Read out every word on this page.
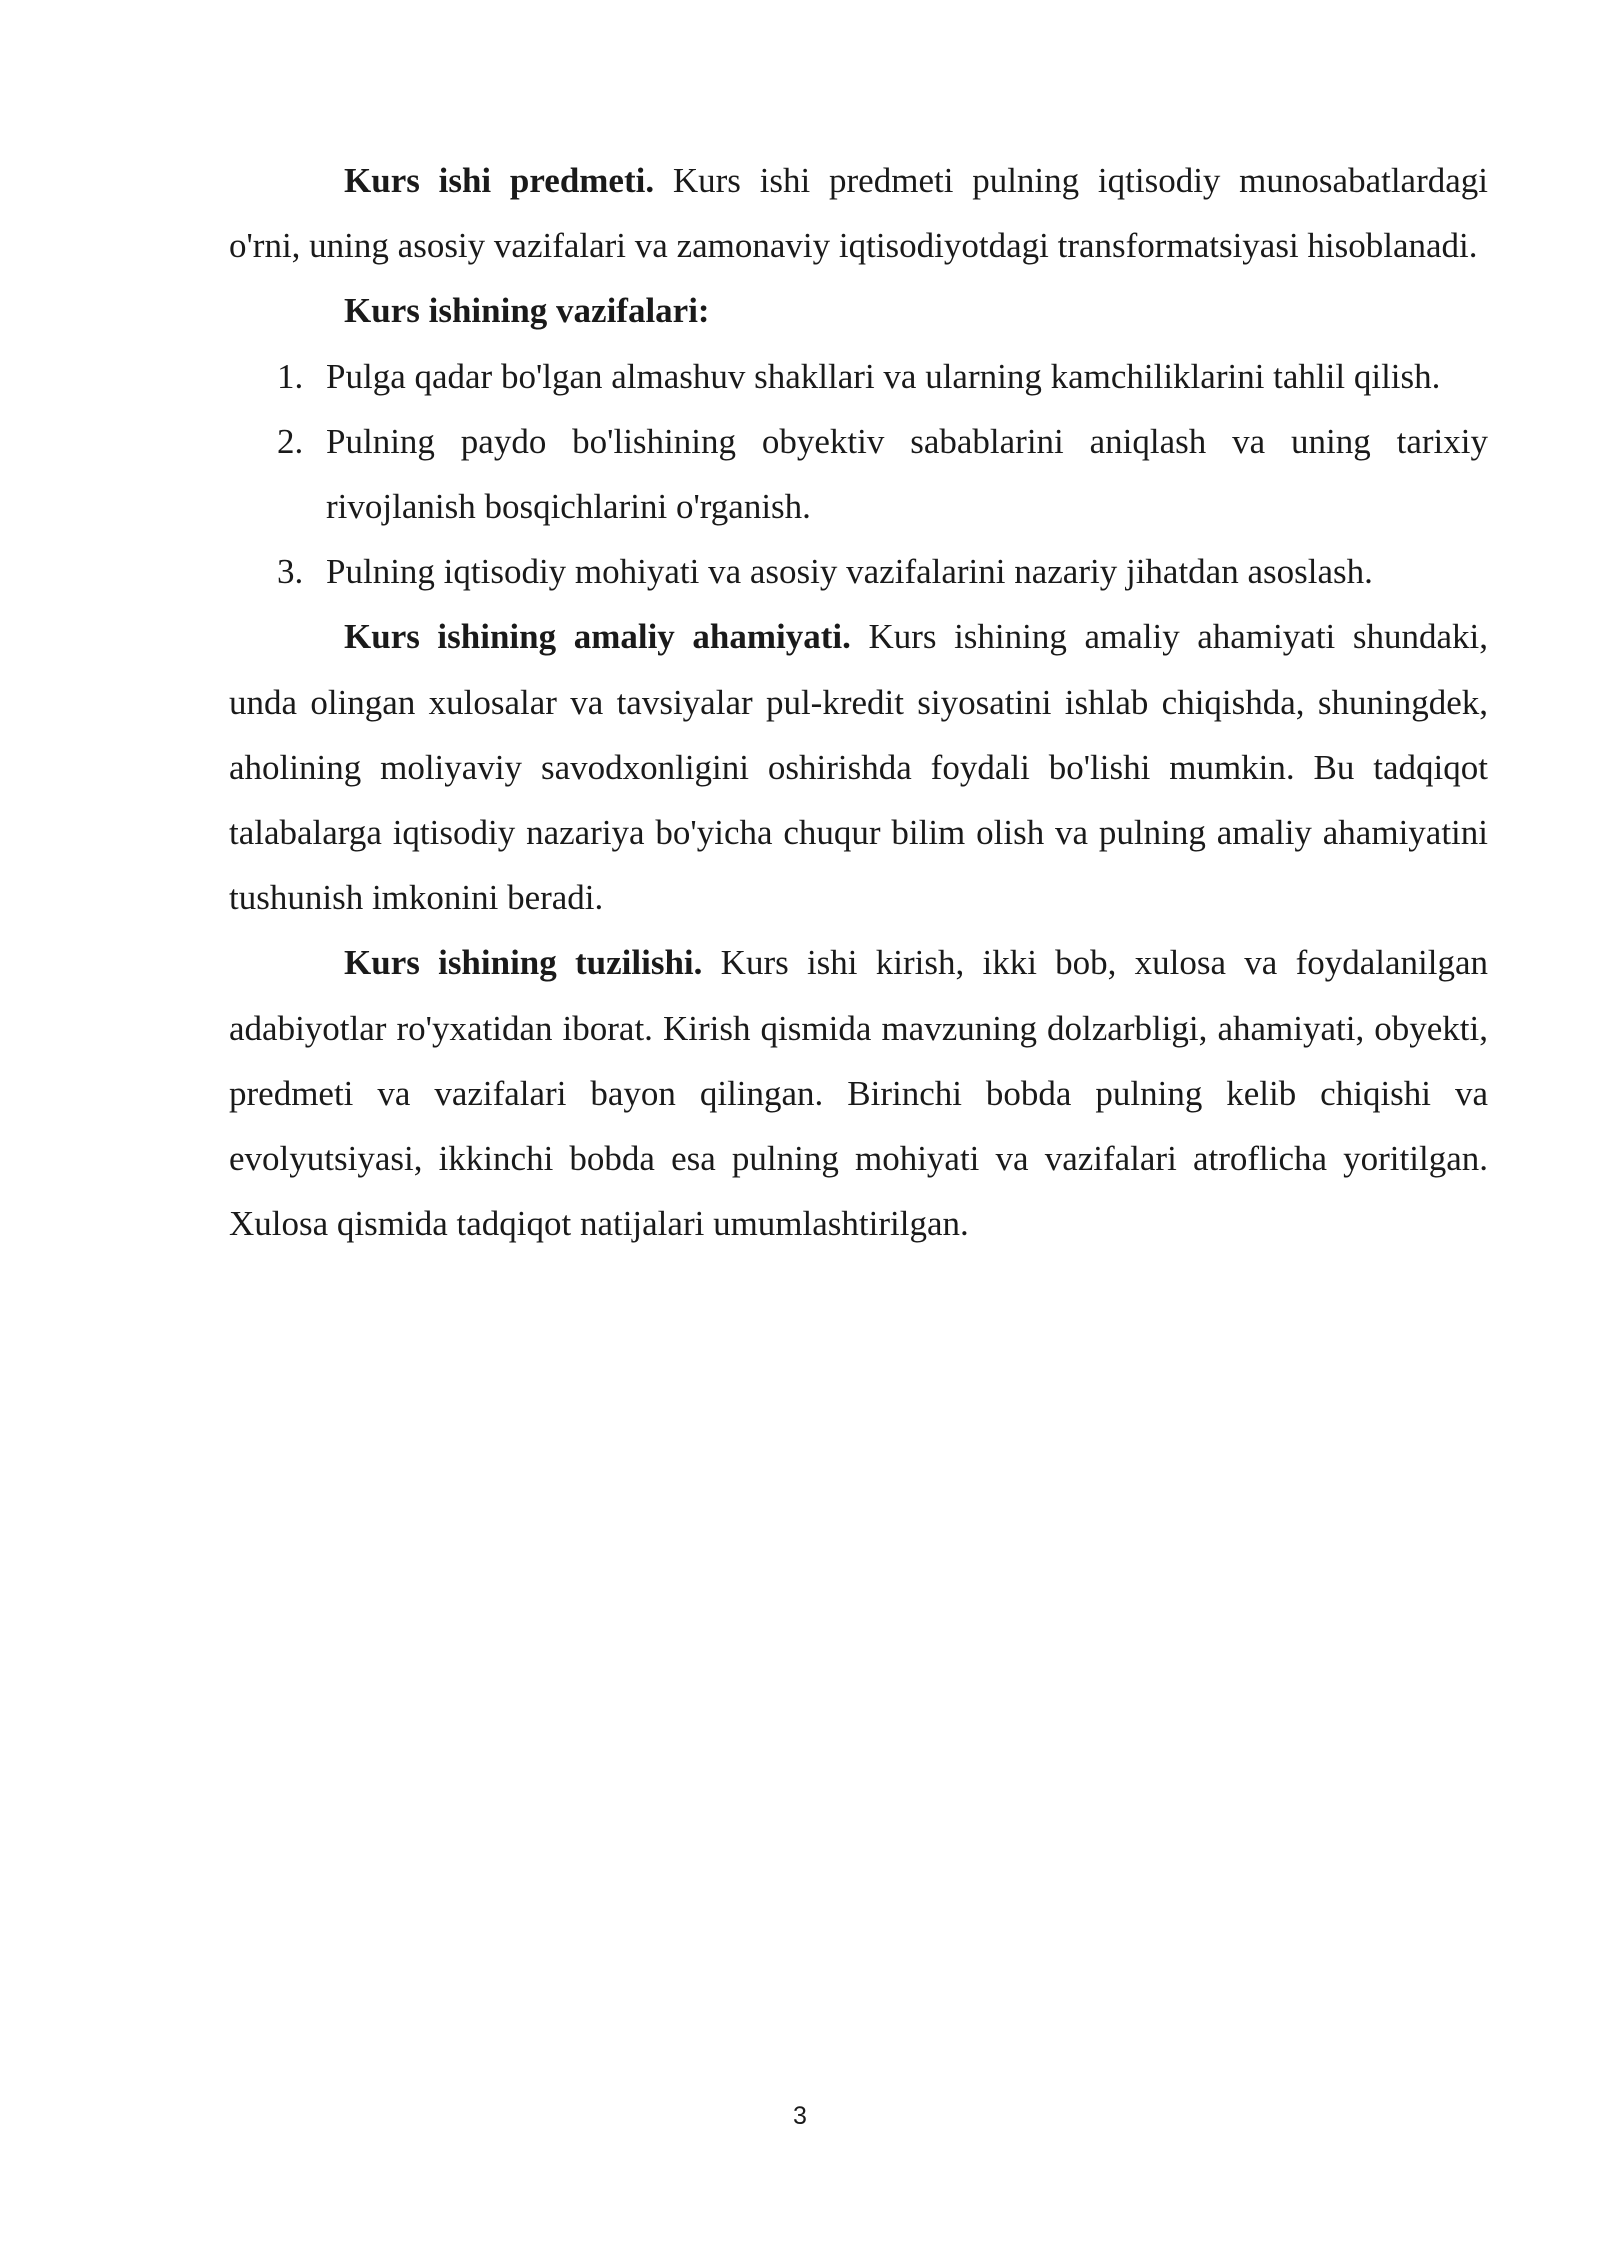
Kurs ishi predmeti. Kurs ishi predmeti pulning iqtisodiy munosabatlardagi o'rni, uning asosiy vazifalari va zamonaviy iqtisodiyotdagi transformatsiyasi hisoblanadi.

Kurs ishining vazifalari:

1. Pulga qadar bo'lgan almashuv shakllari va ularning kamchiliklarini tahlil qilish.
2. Pulning paydo bo'lishining obyektiv sabablarini aniqlash va uning tarixiy rivojlanish bosqichlarini o'rganish.
3. Pulning iqtisodiy mohiyati va asosiy vazifalarini nazariy jihatdan asoslash.

Kurs ishining amaliy ahamiyati. Kurs ishining amaliy ahamiyati shundaki, unda olingan xulosalar va tavsiyalar pul-kredit siyosatini ishlab chiqishda, shuningdek, aholining moliyaviy savodxonligini oshirishda foydali bo'lishi mumkin. Bu tadqiqot talabalarga iqtisodiy nazariya bo'yicha chuqur bilim olish va pulning amaliy ahamiyatini tushunish imkonini beradi.

Kurs ishining tuzilishi. Kurs ishi kirish, ikki bob, xulosa va foydalanilgan adabiyotlar ro'yxatidan iborat. Kirish qismida mavzuning dolzarbligi, ahamiyati, obyekti, predmeti va vazifalari bayon qilingan. Birinchi bobda pulning kelib chiqishi va evolyutsiyasi, ikkinchi bobda esa pulning mohiyati va vazifalari atroflicha yoritilgan. Xulosa qismida tadqiqot natijalari umumlashtirilgan.

3
